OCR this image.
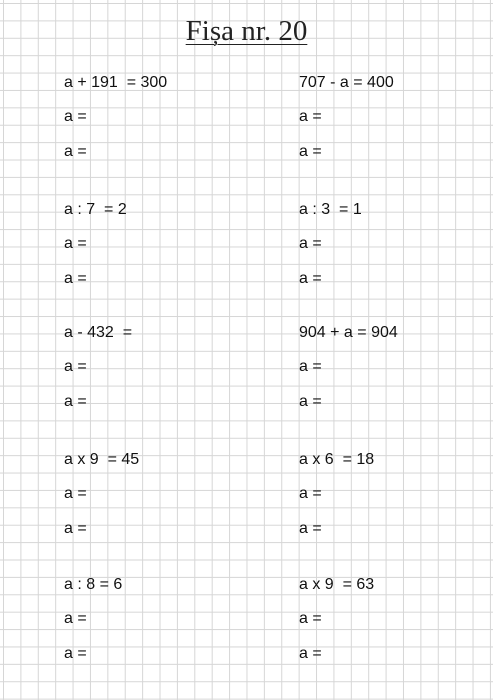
Fișa nr. 20
a + 191  = 300
a =
a =
707 - a = 400
a =
a =
a : 7  = 2
a =
a =
a : 3  = 1
a =
a =
a - 432  =
a =
a =
904 + a = 904
a =
a =
a x 9  = 45
a =
a =
a x 6  = 18
a =
a =
a : 8 = 6
a =
a =
a x 9  = 63
a =
a =
